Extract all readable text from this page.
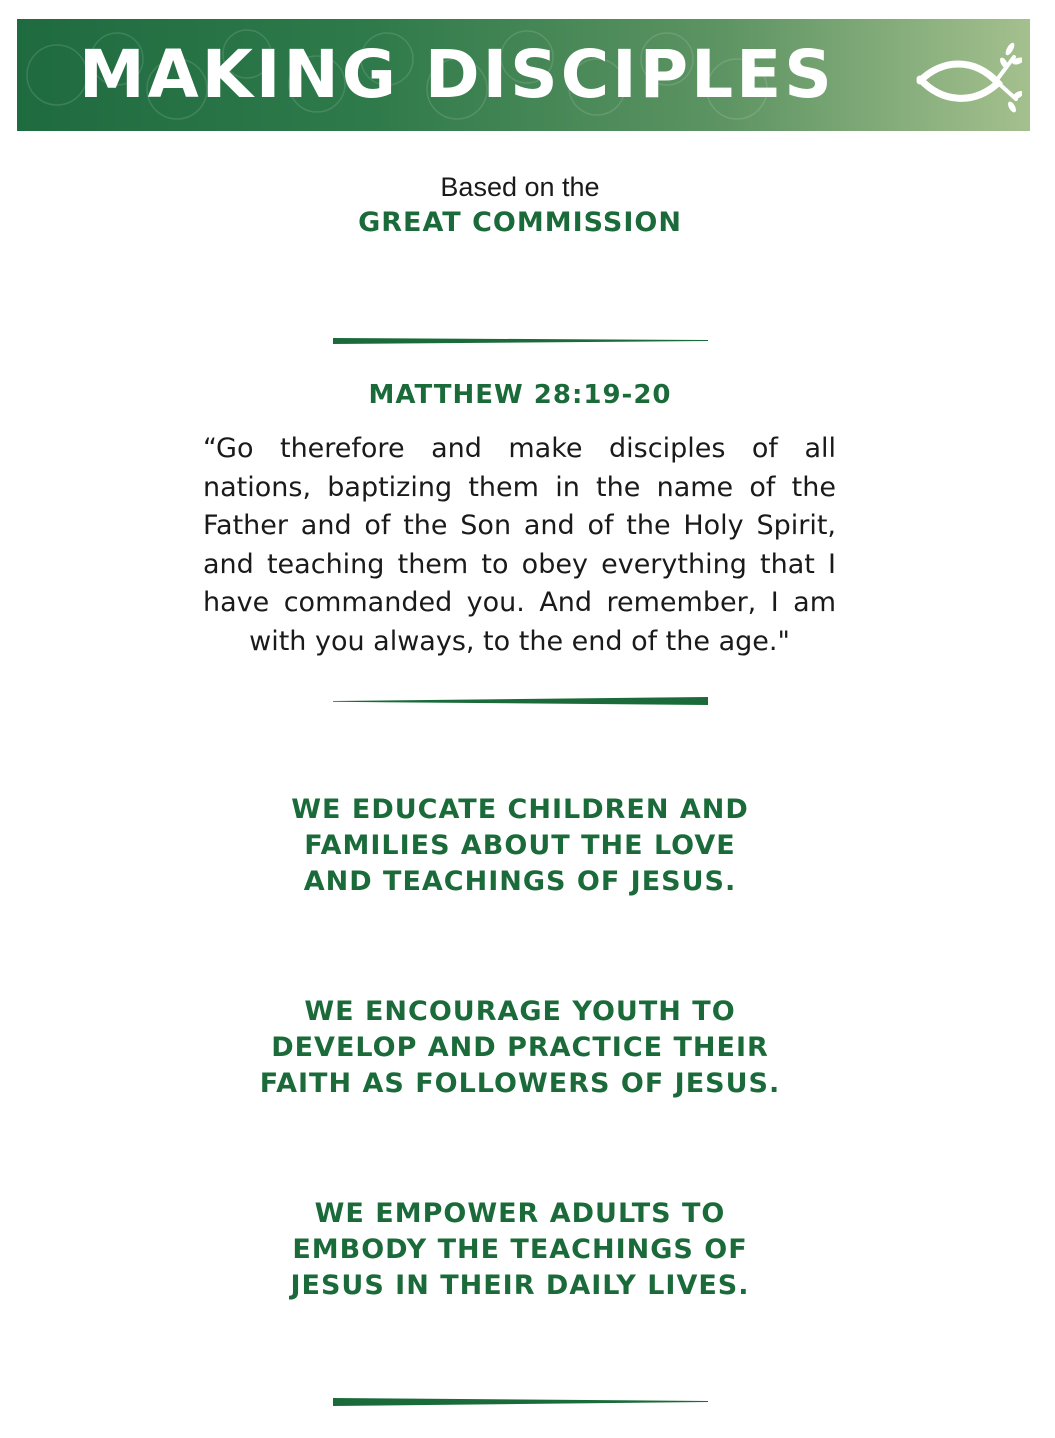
MAKING DISCIPLES
Based on the
GREAT COMMISSION
MATTHEW 28:19-20
“Go therefore and make disciples of all nations, baptizing them in the name of the Father and of the Son and of the Holy Spirit, and teaching them to obey everything that I have commanded you. And remember, I am with you always, to the end of the age."
WE EDUCATE CHILDREN AND
FAMILIES ABOUT THE LOVE
AND TEACHINGS OF JESUS.
WE ENCOURAGE YOUTH TO
DEVELOP AND PRACTICE THEIR
FAITH AS FOLLOWERS OF JESUS.
WE EMPOWER ADULTS TO
EMBODY THE TEACHINGS OF
JESUS IN THEIR DAILY LIVES.
